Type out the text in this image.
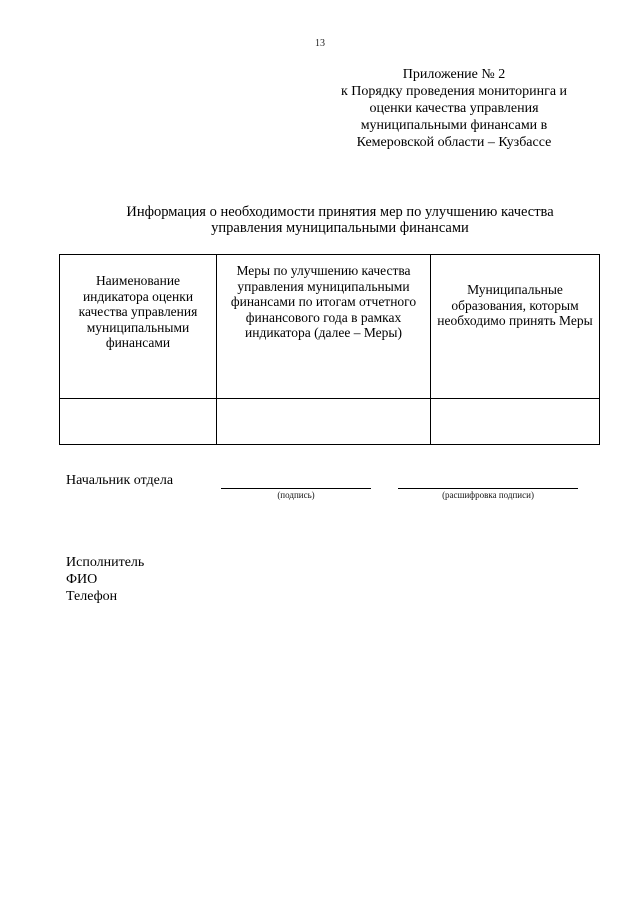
13
Приложение № 2
к Порядку проведения мониторинга и
оценки качества управления
муниципальными финансами в
Кемеровской области – Кузбассе
Информация о необходимости принятия мер по улучшению качества
управления муниципальными финансами
Наименование индикатора оценки качества управления муниципальными финансами	Меры по улучшению качества управления муниципальными финансами по итогам отчетного финансового года в рамках индикатора (далее – Меры)	Муниципальные образования, которым необходимо принять Меры

Начальник отдела
(подпись)	(расшифровка подписи)
Исполнитель
ФИО
Телефон
